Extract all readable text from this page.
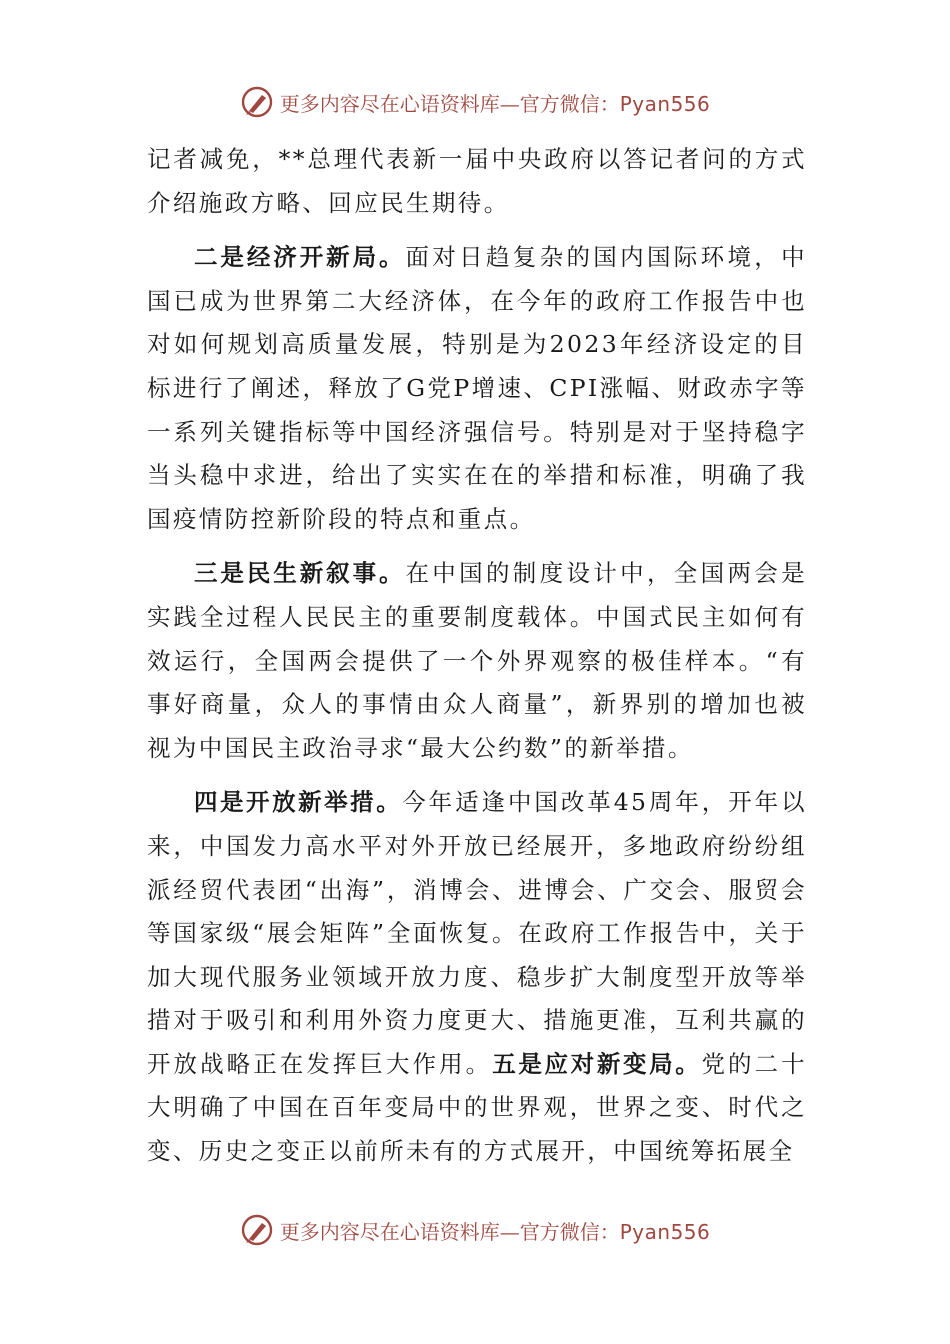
更多内容尽在心语资料库—官方微信：Pyan556

记者减免，**总理代表新一届中央政府以答记者问的方式介绍施政方略、回应民生期待。

二是经济开新局。面对日趋复杂的国内国际环境，中国已成为世界第二大经济体，在今年的政府工作报告中也对如何规划高质量发展，特别是为2023年经济设定的目标进行了阐述，释放了G党P增速、CPI涨幅、财政赤字等一系列关键指标等中国经济强信号。特别是对于坚持稳字当头稳中求进，给出了实实在在的举措和标准，明确了我国疫情防控新阶段的特点和重点。

三是民生新叙事。在中国的制度设计中，全国两会是实践全过程人民民主的重要制度载体。中国式民主如何有效运行，全国两会提供了一个外界观察的极佳样本。“有事好商量，众人的事情由众人商量”，新界别的增加也被视为中国民主政治寻求“最大公约数”的新举措。

四是开放新举措。今年适逢中国改革45周年，开年以来，中国发力高水平对外开放已经展开，多地政府纷纷组派经贸代表团“出海”，消博会、进博会、广交会、服贸会等国家级“展会矩阵”全面恢复。在政府工作报告中，关于加大现代服务业领域开放力度、稳步扩大制度型开放等举措对于吸引和利用外资力度更大、措施更准，互利共赢的开放战略正在发挥巨大作用。五是应对新变局。党的二十大明确了中国在百年变局中的世界观，世界之变、时代之变、历史之变正以前所未有的方式展开，中国统筹拓展全

更多内容尽在心语资料库—官方微信：Pyan556
